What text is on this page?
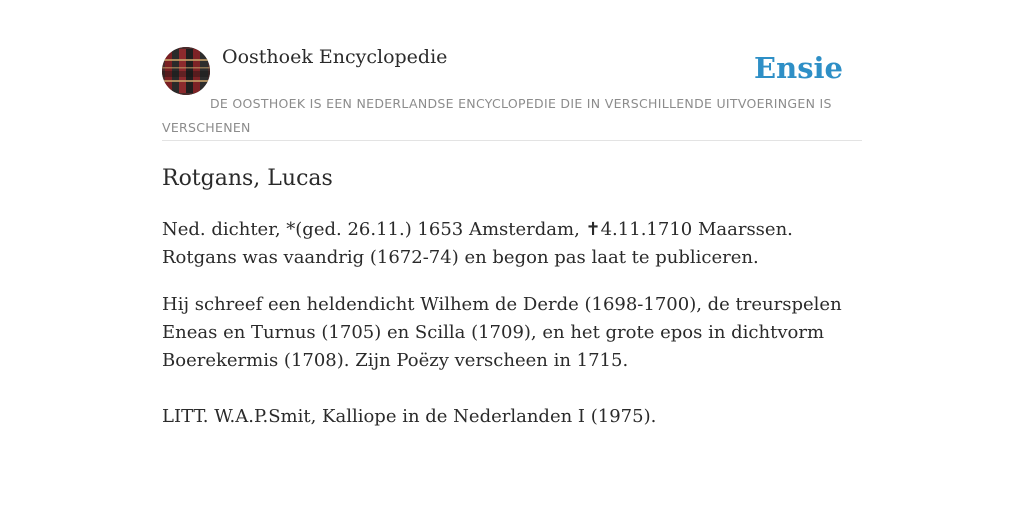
Oosthoek Encyclopedie	Ensie
DE OOSTHOEK IS EEN NEDERLANDSE ENCYCLOPEDIE DIE IN VERSCHILLENDE UITVOERINGEN IS VERSCHENEN
Rotgans, Lucas

Ned. dichter, *(ged. 26.11.) 1653 Amsterdam, ✝4.11.1710 Maarssen. Rotgans was vaandrig (1672-74) en begon pas laat te publiceren.

Hij schreef een heldendicht Wilhem de Derde (1698-1700), de treurspelen Eneas en Turnus (1705) en Scilla (1709), en het grote epos in dichtvorm Boerekermis (1708). Zijn Poëzy verscheen in 1715.

LITT. W.A.P.Smit, Kalliope in de Nederlanden I (1975).
